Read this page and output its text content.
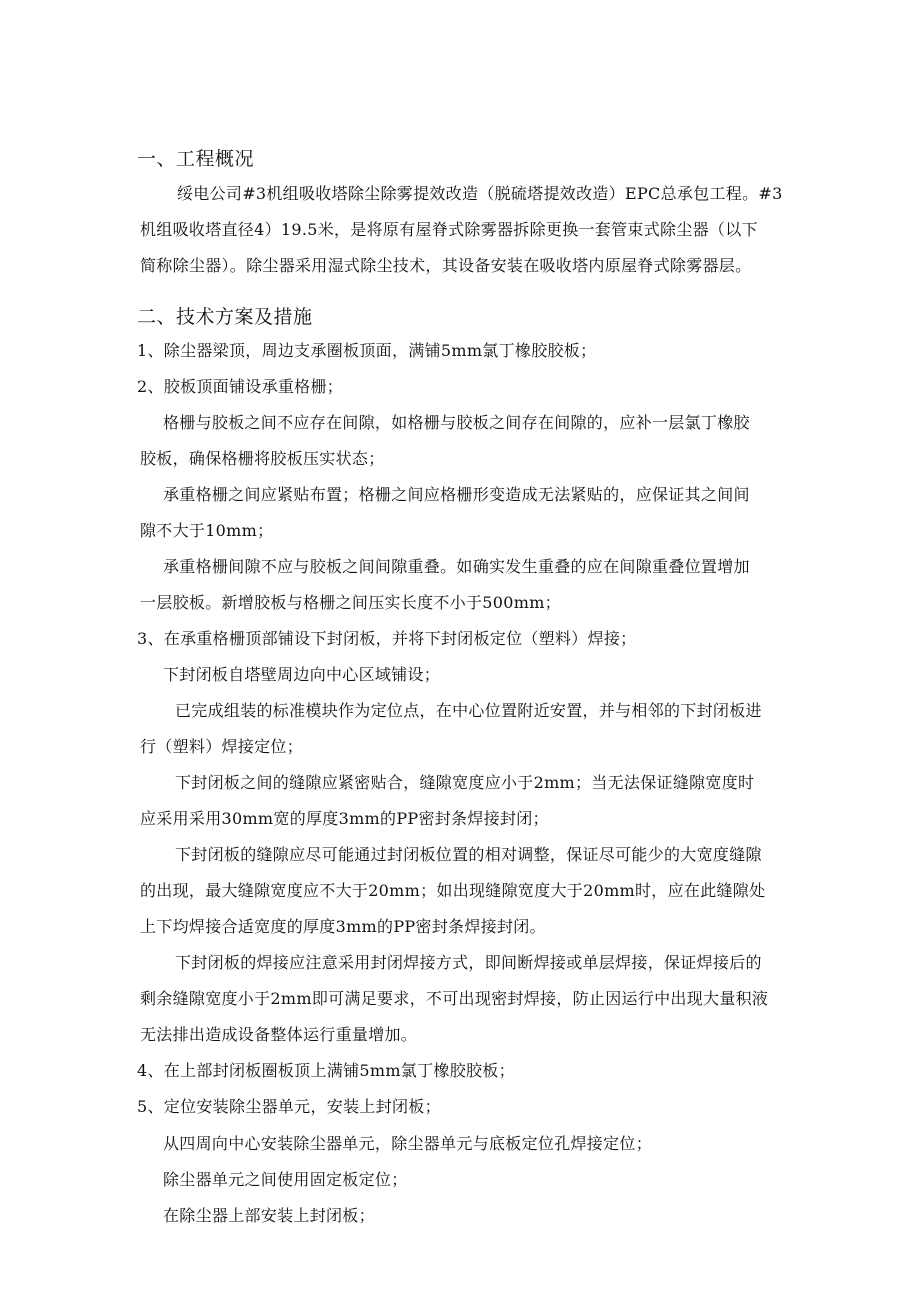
一、工程概况
绥电公司#3机组吸收塔除尘除雾提效改造（脱硫塔提效改造）EPC总承包工程。#3
机组吸收塔直径4）19.5米，是将原有屋脊式除雾器拆除更换一套管束式除尘器（以下
简称除尘器）。除尘器采用湿式除尘技术，其设备安装在吸收塔内原屋脊式除雾器层。
二、技术方案及措施
1、除尘器梁顶，周边支承圈板顶面，满铺5mm氯丁橡胶胶板；
2、胶板顶面铺设承重格栅；
格栅与胶板之间不应存在间隙，如格栅与胶板之间存在间隙的，应补一层氯丁橡胶
胶板，确保格栅将胶板压实状态；
承重格栅之间应紧贴布置；格栅之间应格栅形变造成无法紧贴的，应保证其之间间
隙不大于10mm；
承重格栅间隙不应与胶板之间间隙重叠。如确实发生重叠的应在间隙重叠位置增加
一层胶板。新增胶板与格栅之间压实长度不小于500mm；
3、在承重格栅顶部铺设下封闭板，并将下封闭板定位（塑料）焊接；
下封闭板自塔壁周边向中心区域铺设；
已完成组装的标准模块作为定位点，在中心位置附近安置，并与相邻的下封闭板进
行（塑料）焊接定位；
下封闭板之间的缝隙应紧密贴合，缝隙宽度应小于2mm；当无法保证缝隙宽度时
应采用采用30mm宽的厚度3mm的PP密封条焊接封闭；
下封闭板的缝隙应尽可能通过封闭板位置的相对调整，保证尽可能少的大宽度缝隙
的出现，最大缝隙宽度应不大于20mm；如出现缝隙宽度大于20mm时，应在此缝隙处
上下均焊接合适宽度的厚度3mm的PP密封条焊接封闭。
下封闭板的焊接应注意采用封闭焊接方式，即间断焊接或单层焊接，保证焊接后的
剩余缝隙宽度小于2mm即可满足要求，不可出现密封焊接，防止因运行中出现大量积液
无法排出造成设备整体运行重量增加。
4、在上部封闭板圈板顶上满铺5mm氯丁橡胶胶板；
5、定位安装除尘器单元，安装上封闭板；
从四周向中心安装除尘器单元，除尘器单元与底板定位孔焊接定位；
除尘器单元之间使用固定板定位；
在除尘器上部安装上封闭板；
